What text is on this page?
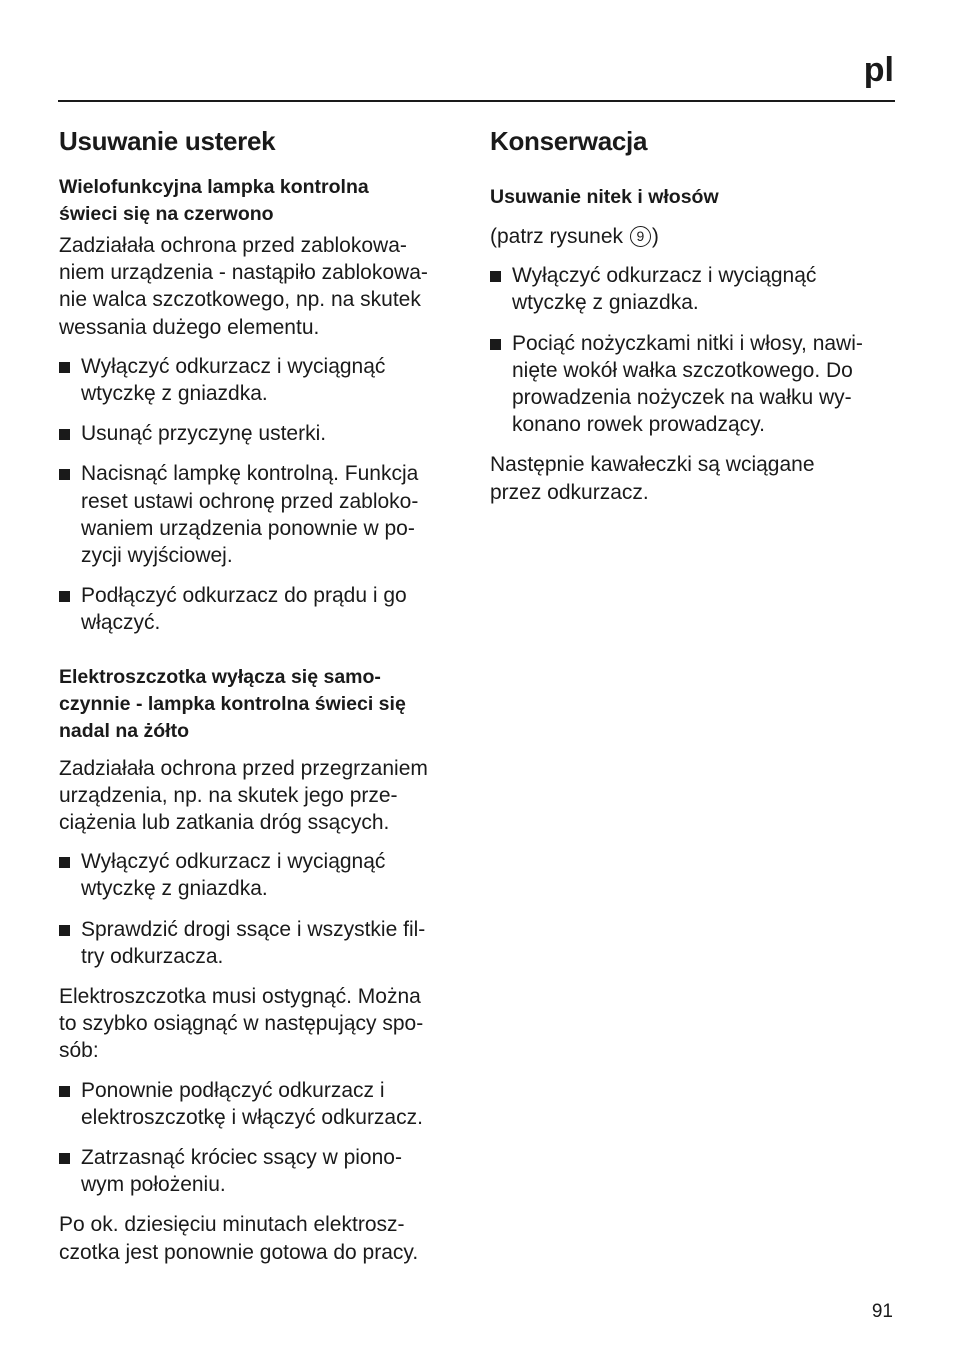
pl
Usuwanie usterek
Wielofunkcyjna lampka kontrolna
świeci się na czerwono

Zadziałała ochrona przed zablokowa-
niem urządzenia - nastąpiło zablokowa-
nie walca szczotkowego, np. na skutek
wessania dużego elementu.

Wyłączyć odkurzacz i wyciągnąć
wtyczkę z gniazdka.
Usunąć przyczynę usterki.
Nacisnąć lampkę kontrolną. Funkcja
reset ustawi ochronę przed zabloko-
waniem urządzenia ponownie w po-
zycji wyjściowej.
Podłączyć odkurzacz do prądu i go
włączyć.
Elektroszczotka wyłącza się samo-
czynnie - lampka kontrolna świeci się
nadal na żółto

Zadziałała ochrona przed przegrzaniem
urządzenia, np. na skutek jego prze-
ciążenia lub zatkania dróg ssących.

Wyłączyć odkurzacz i wyciągnąć
wtyczkę z gniazdka.
Sprawdzić drogi ssące i wszystkie fil-
try odkurzacza.

Elektroszczotka musi ostygnąć. Można
to szybko osiągnąć w następujący spo-
sób:

Ponownie podłączyć odkurzacz i
elektroszczotkę i włączyć odkurzacz.
Zatrzasnąć króciec ssący w piono-
wym położeniu.

Po ok. dziesięciu minutach elektrosz-
czotka jest ponownie gotowa do pracy.

Konserwacja
Usuwanie nitek i włosów

(patrz rysunek 9 )

Wyłączyć odkurzacz i wyciągnąć
wtyczkę z gniazdka.
Pociąć nożyczkami nitki i włosy, nawi-
nięte wokół wałka szczotkowego. Do
prowadzenia nożyczek na wałku wy-
konano rowek prowadzący.

Następnie kawałeczki są wciągane
przez odkurzacz.

91
